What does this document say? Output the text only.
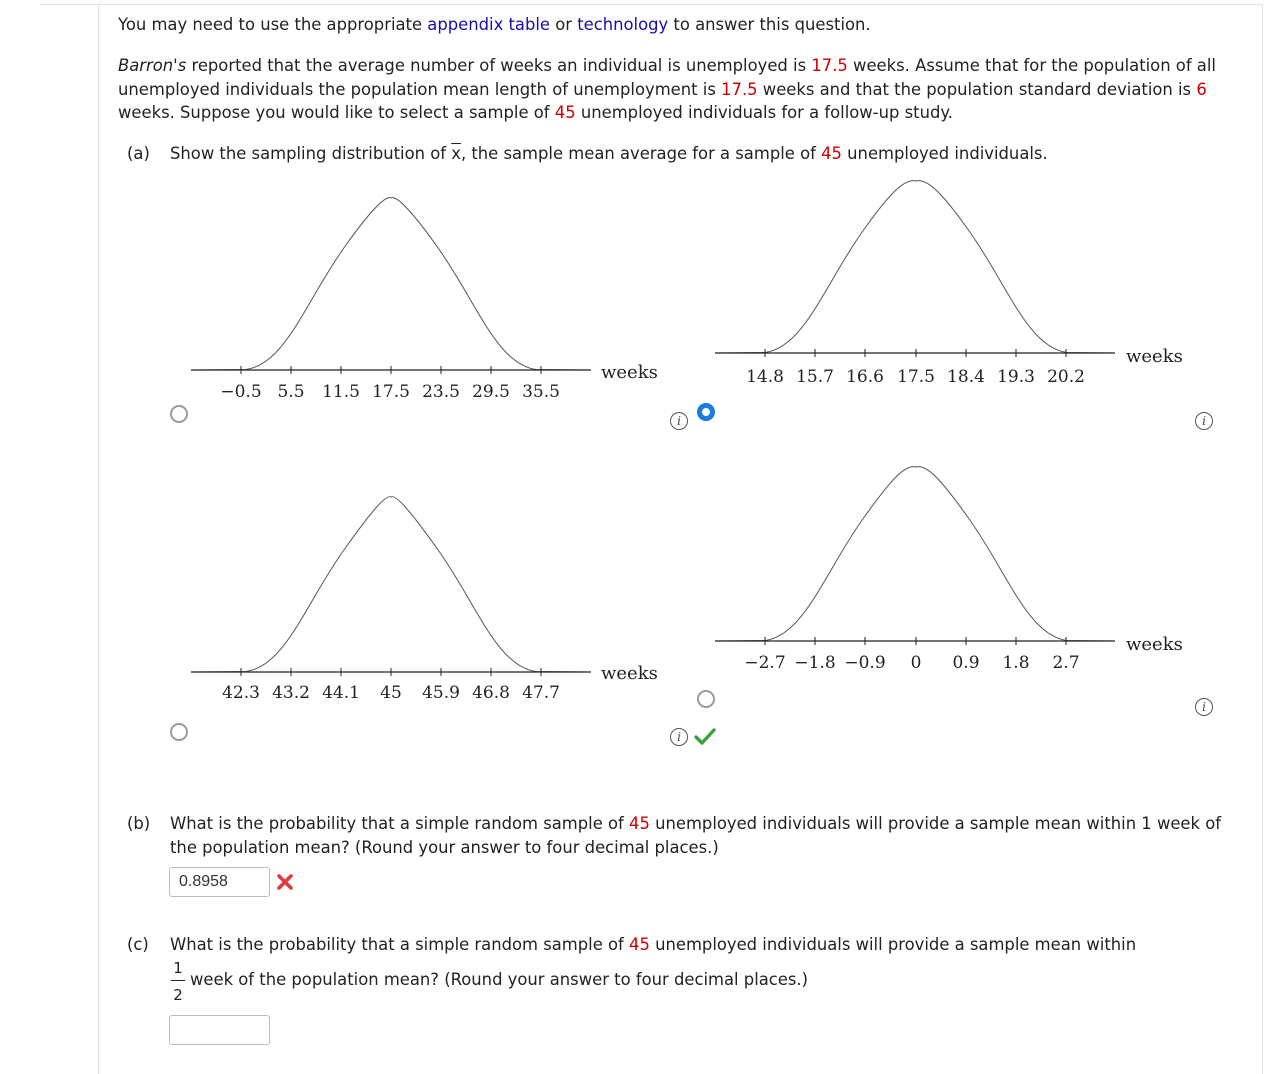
You may need to use the appropriate appendix table or technology to answer this question.
Barron's reported that the average number of weeks an individual is unemployed is 17.5 weeks. Assume that for the population of all unemployed individuals the population mean length of unemployment is 17.5 weeks and that the population standard deviation is 6 weeks. Suppose you would like to select a sample of 45 unemployed individuals for a follow-up study.
(a) Show the sampling distribution of $\overline{x}$, the sample mean average for a sample of 45 unemployed individuals.
−0.5 5.5 11.5 17.5 23.5 29.5 35.5
weeks	14.8 15.7 16.6 17.5 18.4 19.3 20.2
weeks
i	i
42.3 43.2 44.1 45 45.9 46.8 47.7
weeks	−2.7 −1.8 −0.9 0 0.9 1.8 2.7
weeks
i
i
(b) What is the probability that a simple random sample of 45 unemployed individuals will provide a sample mean within 1 week of the population mean? (Round your answer to four decimal places.)
0.8958
(c) What is the probability that a simple random sample of 45 unemployed individuals will provide a sample mean within
1
2
week of the population mean? (Round your answer to four decimal places.)
